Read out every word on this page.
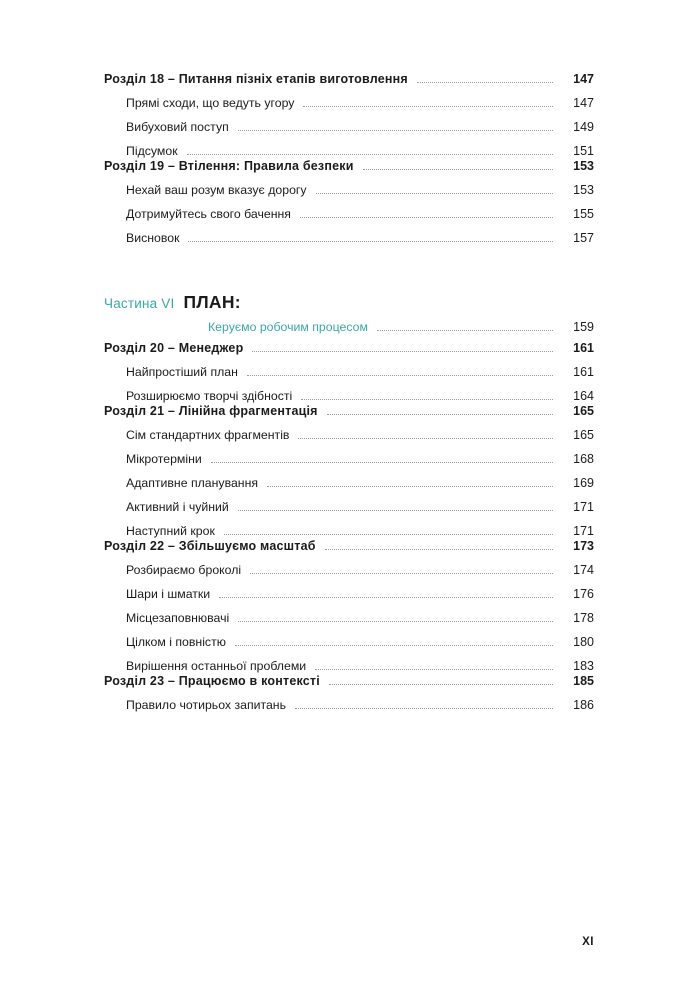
Розділ 18 – Питання пізніх етапів виготовлення	147
Прямі сходи, що ведуть угору	147
Вибуховий поступ	149
Підсумок	151
Розділ 19 – Втілення: Правила безпеки	153
Нехай ваш розум вказує дорогу	153
Дотримуйтесь свого бачення	155
Висновок	157
Частина VI ПЛАН:
Керуємо робочим процесом	159
Розділ 20 – Менеджер	161
Найпростіший план	161
Розширюємо творчі здібності	164
Розділ 21 – Лінійна фрагментація	165
Сім стандартних фрагментів	165
Мікротерміни	168
Адаптивне планування	169
Активний і чуйний	171
Наступний крок	171
Розділ 22 – Збільшуємо масштаб	173
Розбираємо броколі	174
Шари і шматки	176
Місцезаповнювачі	178
Цілком і повністю	180
Вирішення останньої проблеми	183
Розділ 23 – Працюємо в контексті	185
Правило чотирьох запитань	186
XI
